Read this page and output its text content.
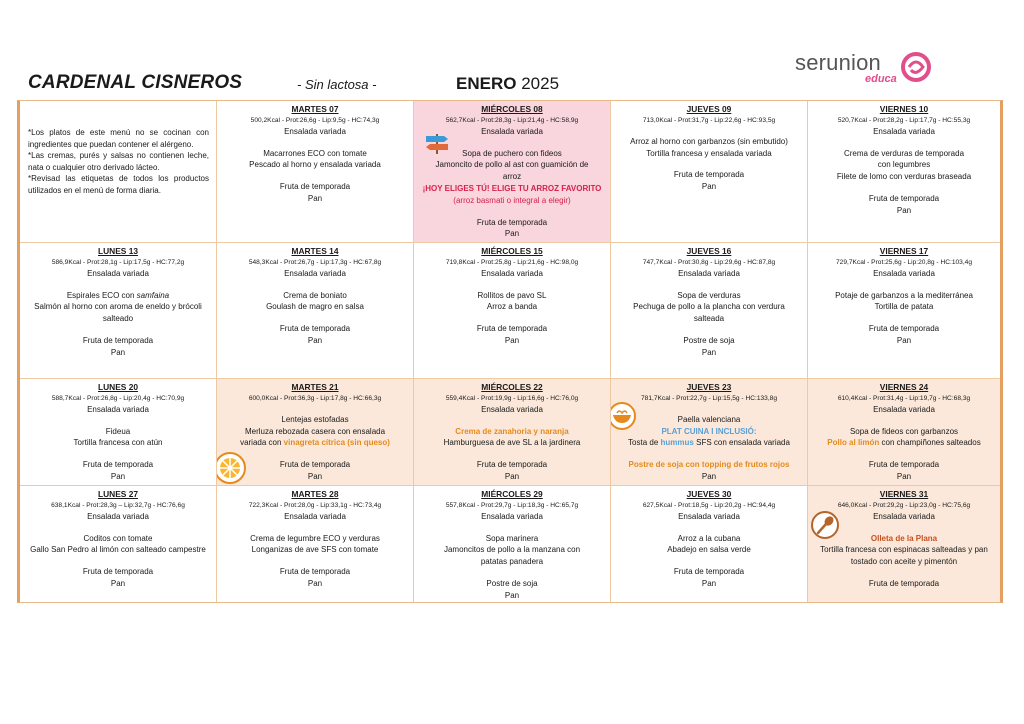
CARDENAL CISNEROS	- Sin lactosa -	ENERO 2025
serunion
educa
*Los platos de este menú no se cocinan con ingredientes que puedan contener el alérgeno.
*Las cremas, purés y salsas no contienen leche, nata o cualquier otro derivado lácteo.
*Revisad las etiquetas de todos los productos utilizados en el menú de forma diaria.
MARTES 07
500,2Kcal - Prot:26,6g - Lip:9,5g - HC:74,3g
Ensalada variada
Macarrones ECO con tomate
Pescado al horno y ensalada variada
Fruta de temporada
Pan
MIÉRCOLES 08
562,7Kcal - Prot:28,3g - Lip:21,4g - HC:58,9g
Ensalada variada
Sopa de puchero con fideos
Jamoncito de pollo al ast con guamición de arroz
¡HOY ELIGES TÚ! ELIGE TU ARROZ FAVORITO
(arroz basmati o integral a elegir)
Fruta de temporada
Pan
JUEVES 09
713,0Kcal - Prot:31,7g - Lip:22,6g - HC:93,5g
Arroz al horno con garbanzos (sin embutido)
Tortilla francesa y ensalada variada
Fruta de temporada
Pan
VIERNES 10
520,7Kcal - Prot:28,2g - Lip:17,7g - HC:55,3g
Ensalada variada
Crema de verduras de temporada
con legumbres
Filete de lomo con verduras braseada
Fruta de temporada
Pan
LUNES 13
586,9Kcal - Prot:28,1g - Lip:17,5g - HC:77,2g
Ensalada variada
Espirales ECO con samfaina
Salmón al horno con aroma de eneldo y brócoli salteado
Fruta de temporada
Pan
MARTES 14
548,3Kcal - Prot:26,7g - Lip:17,3g - HC:67,8g
Ensalada variada
Crema de boniato
Goulash de magro en salsa
Fruta de temporada
Pan
MIÉRCOLES 15
719,8Kcal - Prot:25,8g - Lip:21,6g - HC:98,0g
Ensalada variada
Rollitos de pavo SL
Arroz a banda
Fruta de temporada
Pan
JUEVES 16
747,7Kcal - Prot:30,8g - Lip:29,6g - HC:87,8g
Ensalada variada
Sopa de verduras
Pechuga de pollo a la plancha con verdura salteada
Postre de soja
Pan
VIERNES 17
729,7Kcal - Prot:25,6g - Lip:20,8g - HC:103,4g
Ensalada variada
Potaje de garbanzos a la mediterránea
Tortilla de patata
Fruta de temporada
Pan
LUNES 20
588,7Kcal - Prot:26,8g - Lip:20,4g - HC:70,9g
Ensalada variada
Fideua
Tortilla francesa con atún
Fruta de temporada
Pan
MARTES 21
600,0Kcal - Prot:36,3g - Lip:17,8g - HC:66,3g
Lentejas estofadas
Merluza rebozada casera con ensalada
variada con vinagreta cítrica (sin queso)
Fruta de temporada
Pan
MIÉRCOLES 22
559,4Kcal - Prot:19,9g - Lip:16,6g - HC:76,0g
Ensalada variada
Crema de zanahoria y naranja
Hamburguesa de ave SL a la jardinera
Fruta de temporada
Pan
JUEVES 23
781,7Kcal - Prot:22,7g - Lip:15,5g - HC:133,8g
Paella valenciana
PLAT CUINA I INCLUSIÓ:
Tosta de hummus SFS con ensalada variada
Postre de soja con topping de frutos rojos
Pan
VIERNES 24
610,4Kcal - Prot:31,4g - Lip:19,7g - HC:68,3g
Ensalada variada
Sopa de fideos con garbanzos
Pollo al limón con champiñones salteados
Fruta de temporada
Pan
LUNES 27
638,1Kcal - Prot:28,3g – Lip:32,7g - HC:76,6g
Ensalada variada
Coditos con tomate
Gallo San Pedro al limón con salteado campestre
Fruta de temporada
Pan
MARTES 28
722,3Kcal - Prot:28,0g - Lip:33,1g - HC:73,4g
Ensalada variada
Crema de legumbre ECO y verduras
Longanizas de ave SFS con tomate
Fruta de temporada
Pan
MIÉRCOLES 29
557,8Kcal - Prot:29,7g - Lip:18,3g - HC:65,7g
Ensalada variada
Sopa marinera
Jamoncitos de pollo a la manzana con patatas panadera
Postre de soja
Pan
JUEVES 30
627,5Kcal - Prot:18,5g - Lip:20,2g - HC:94,4g
Ensalada variada
Arroz a la cubana
Abadejo en salsa verde
Fruta de temporada
Pan
VIERNES 31
646,0Kcal - Prot:29,2g - Lip:23,0g - HC:75,6g
Ensalada variada
Olleta de la Plana
Tortilla francesa con espinacas salteadas y pan tostado con aceite y pimentón
Fruta de temporada
